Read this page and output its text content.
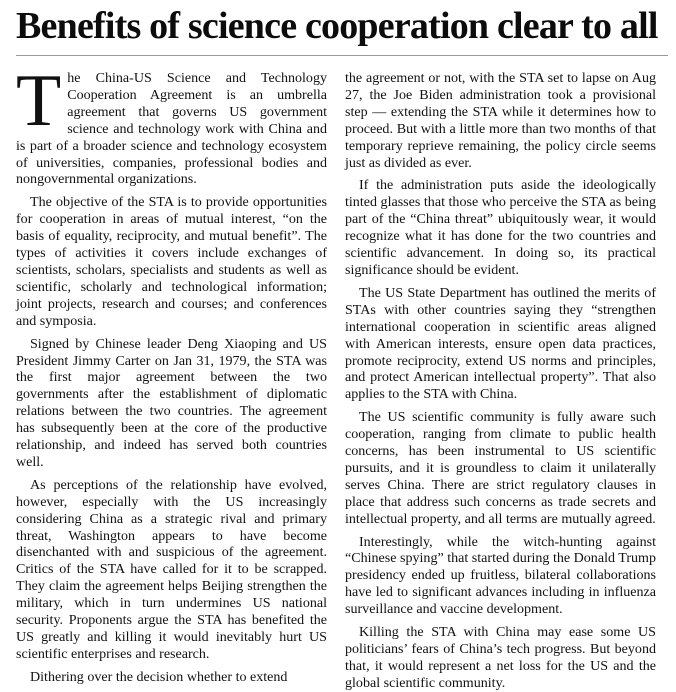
Benefits of science cooperation clear to all

The China-US Science and Technology Cooperation Agreement is an umbrella agreement that governs US government science and technology work with China and is part of a broader science and technology ecosystem of universities, companies, professional bodies and nongovernmental organizations.

The objective of the STA is to provide opportunities for cooperation in areas of mutual interest, “on the basis of equality, reciprocity, and mutual benefit”. The types of activities it covers include exchanges of scientists, scholars, specialists and students as well as scientific, scholarly and technological information; joint projects, research and courses; and conferences and symposia.

Signed by Chinese leader Deng Xiaoping and US President Jimmy Carter on Jan 31, 1979, the STA was the first major agreement between the two governments after the establishment of diplomatic relations between the two countries. The agreement has subsequently been at the core of the productive relationship, and indeed has served both countries well.

As perceptions of the relationship have evolved, however, especially with the US increasingly considering China as a strategic rival and primary threat, Washington appears to have become disenchanted with and suspicious of the agreement. Critics of the STA have called for it to be scrapped. They claim the agreement helps Beijing strengthen the military, which in turn undermines US national security. Proponents argue the STA has benefited the US greatly and killing it would inevitably hurt US scientific enterprises and research.

Dithering over the decision whether to extend

the agreement or not, with the STA set to lapse on Aug 27, the Joe Biden administration took a provisional step — extending the STA while it determines how to proceed. But with a little more than two months of that temporary reprieve remaining, the policy circle seems just as divided as ever.

If the administration puts aside the ideologically tinted glasses that those who perceive the STA as being part of the “China threat” ubiquitously wear, it would recognize what it has done for the two countries and scientific advancement. In doing so, its practical significance should be evident.

The US State Department has outlined the merits of STAs with other countries saying they “strengthen international cooperation in scientific areas aligned with American interests, ensure open data practices, promote reciprocity, extend US norms and principles, and protect American intellectual property”. That also applies to the STA with China.

The US scientific community is fully aware such cooperation, ranging from climate to public health concerns, has been instrumental to US scientific pursuits, and it is groundless to claim it unilaterally serves China. There are strict regulatory clauses in place that address such concerns as trade secrets and intellectual property, and all terms are mutually agreed.

Interestingly, while the witch-hunting against “Chinese spying” that started during the Donald Trump presidency ended up fruitless, bilateral collaborations have led to significant advances including in influenza surveillance and vaccine development.

Killing the STA with China may ease some US politicians’ fears of China’s tech progress. But beyond that, it would represent a net loss for the US and the global scientific community.
